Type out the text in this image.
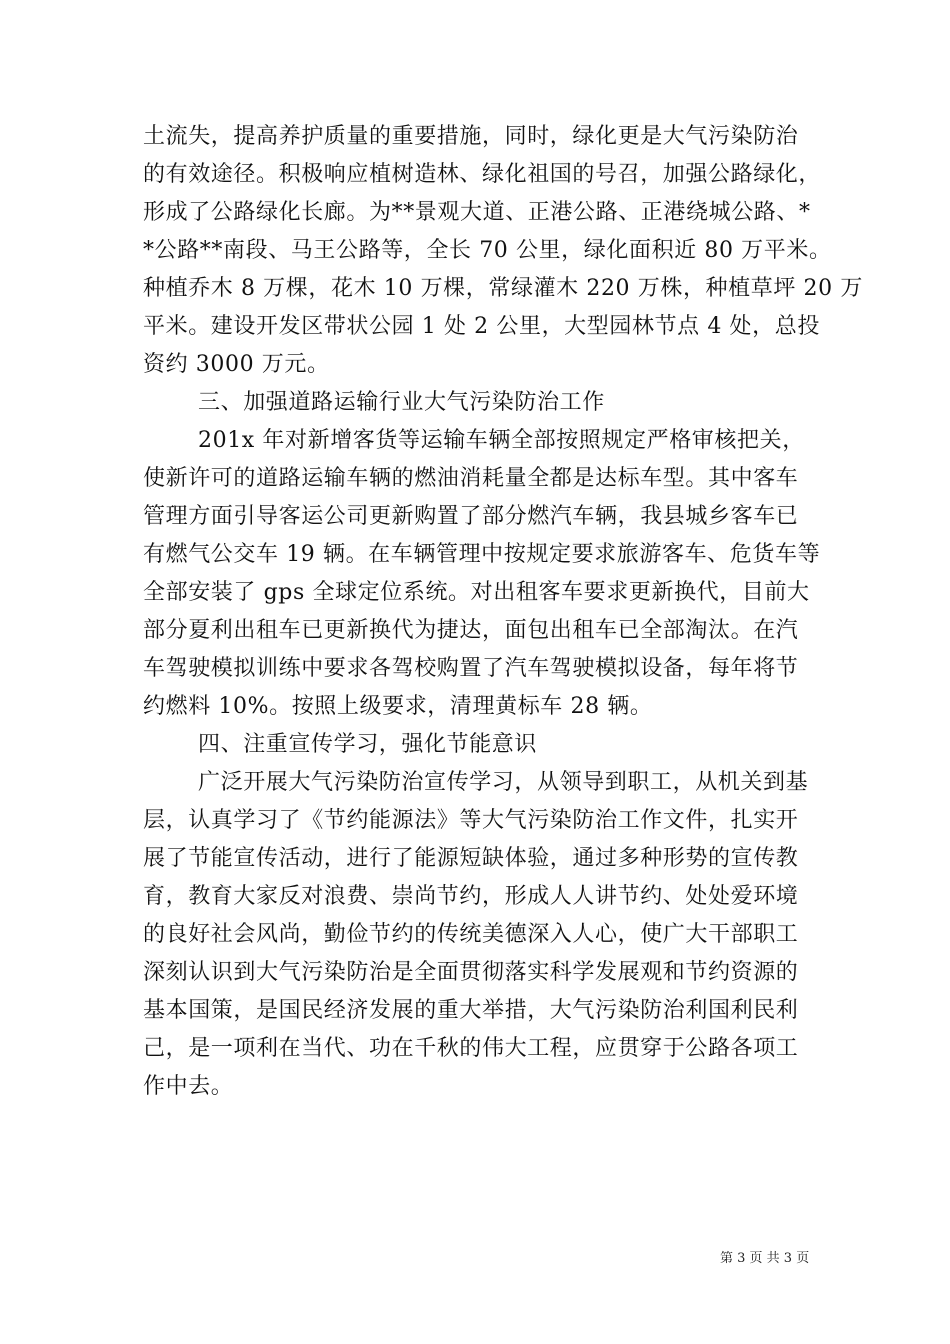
土流失，提高养护质量的重要措施，同时，绿化更是大气污染防治
的有效途径。积极响应植树造林、绿化祖国的号召，加强公路绿化，
形成了公路绿化长廊。为**景观大道、正港公路、正港绕城公路、*
*公路**南段、马王公路等，全长 70 公里，绿化面积近 80 万平米。
种植乔木 8 万棵，花木 10 万棵，常绿灌木 220 万株，种植草坪 20 万
平米。建设开发区带状公园 1 处 2 公里，大型园林节点 4 处，总投
资约 3000 万元。
三、加强道路运输行业大气污染防治工作
201x 年对新增客货等运输车辆全部按照规定严格审核把关，
使新许可的道路运输车辆的燃油消耗量全都是达标车型。其中客车
管理方面引导客运公司更新购置了部分燃汽车辆，我县城乡客车已
有燃气公交车 19 辆。在车辆管理中按规定要求旅游客车、危货车等
全部安装了 gps 全球定位系统。对出租客车要求更新换代，目前大
部分夏利出租车已更新换代为捷达，面包出租车已全部淘汰。在汽
车驾驶模拟训练中要求各驾校购置了汽车驾驶模拟设备，每年将节
约燃料 10%。按照上级要求，清理黄标车 28 辆。
四、注重宣传学习，强化节能意识
广泛开展大气污染防治宣传学习，从领导到职工，从机关到基
层，认真学习了《节约能源法》等大气污染防治工作文件，扎实开
展了节能宣传活动，进行了能源短缺体验，通过多种形势的宣传教
育，教育大家反对浪费、崇尚节约，形成人人讲节约、处处爱环境
的良好社会风尚，勤俭节约的传统美德深入人心，使广大干部职工
深刻认识到大气污染防治是全面贯彻落实科学发展观和节约资源的
基本国策，是国民经济发展的重大举措，大气污染防治利国利民利
己，是一项利在当代、功在千秋的伟大工程，应贯穿于公路各项工
作中去。
第 3 页 共 3 页
